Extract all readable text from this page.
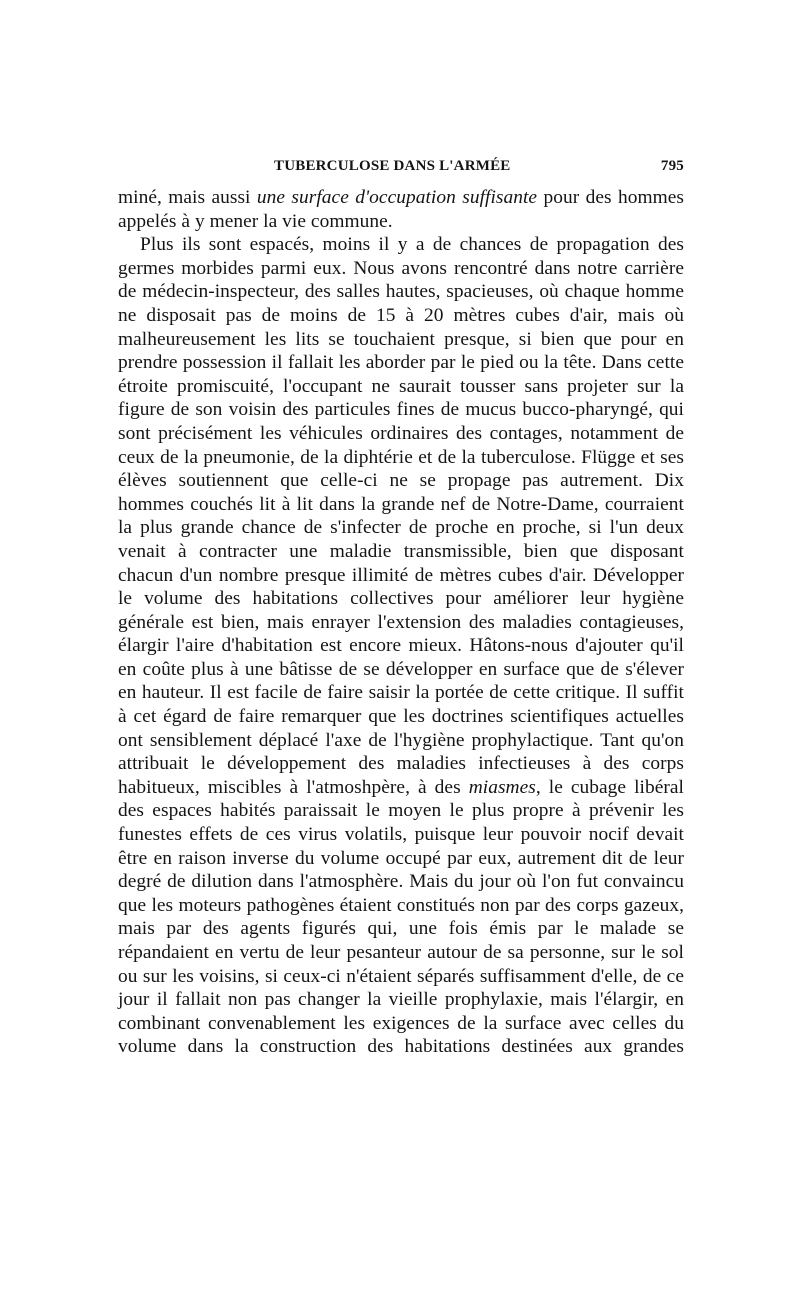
TUBERCULOSE DANS L'ARMÉE	795

miné, mais aussi une surface d'occupation suffisante pour des hommes appelés à y mener la vie commune.

Plus ils sont espacés, moins il y a de chances de propagation des germes morbides parmi eux. Nous avons rencontré dans notre carrière de médecin-inspecteur, des salles hautes, spacieuses, où chaque homme ne disposait pas de moins de 15 à 20 mètres cubes d'air, mais où malheureusement les lits se touchaient presque, si bien que pour en prendre possession il fallait les aborder par le pied ou la tête. Dans cette étroite promiscuité, l'occupant ne saurait tousser sans projeter sur la figure de son voisin des particules fines de mucus bucco-pharyngé, qui sont précisément les véhicules ordinaires des contages, notamment de ceux de la pneumonie, de la diphtérie et de la tuberculose. Flügge et ses élèves soutiennent que celle-ci ne se propage pas autrement. Dix hommes couchés lit à lit dans la grande nef de Notre-Dame, courraient la plus grande chance de s'infecter de proche en proche, si l'un deux venait à contracter une maladie transmissible, bien que disposant chacun d'un nombre presque illimité de mètres cubes d'air. Développer le volume des habitations collectives pour améliorer leur hygiène générale est bien, mais enrayer l'extension des maladies contagieuses, élargir l'aire d'habitation est encore mieux. Hâtons-nous d'ajouter qu'il en coûte plus à une bâtisse de se développer en surface que de s'élever en hauteur. Il est facile de faire saisir la portée de cette critique. Il suffit à cet égard de faire remarquer que les doctrines scientifiques actuelles ont sensiblement déplacé l'axe de l'hygiène prophylactique. Tant qu'on attribuait le développement des maladies infectieuses à des corps habitueux, miscibles à l'atmoshpère, à des miasmes, le cubage libéral des espaces habités paraissait le moyen le plus propre à prévenir les funestes effets de ces virus volatils, puisque leur pouvoir nocif devait être en raison inverse du volume occupé par eux, autrement dit de leur degré de dilution dans l'atmosphère. Mais du jour où l'on fut convaincu que les moteurs pathogènes étaient constitués non par des corps gazeux, mais par des agents figurés qui, une fois émis par le malade se répandaient en vertu de leur pesanteur autour de sa personne, sur le sol ou sur les voisins, si ceux-ci n'étaient séparés suffisamment d'elle, de ce jour il fallait non pas changer la vieille prophylaxie, mais l'élargir, en combinant convenablement les exigences de la surface avec celles du volume dans la construction des habitations destinées aux grandes
